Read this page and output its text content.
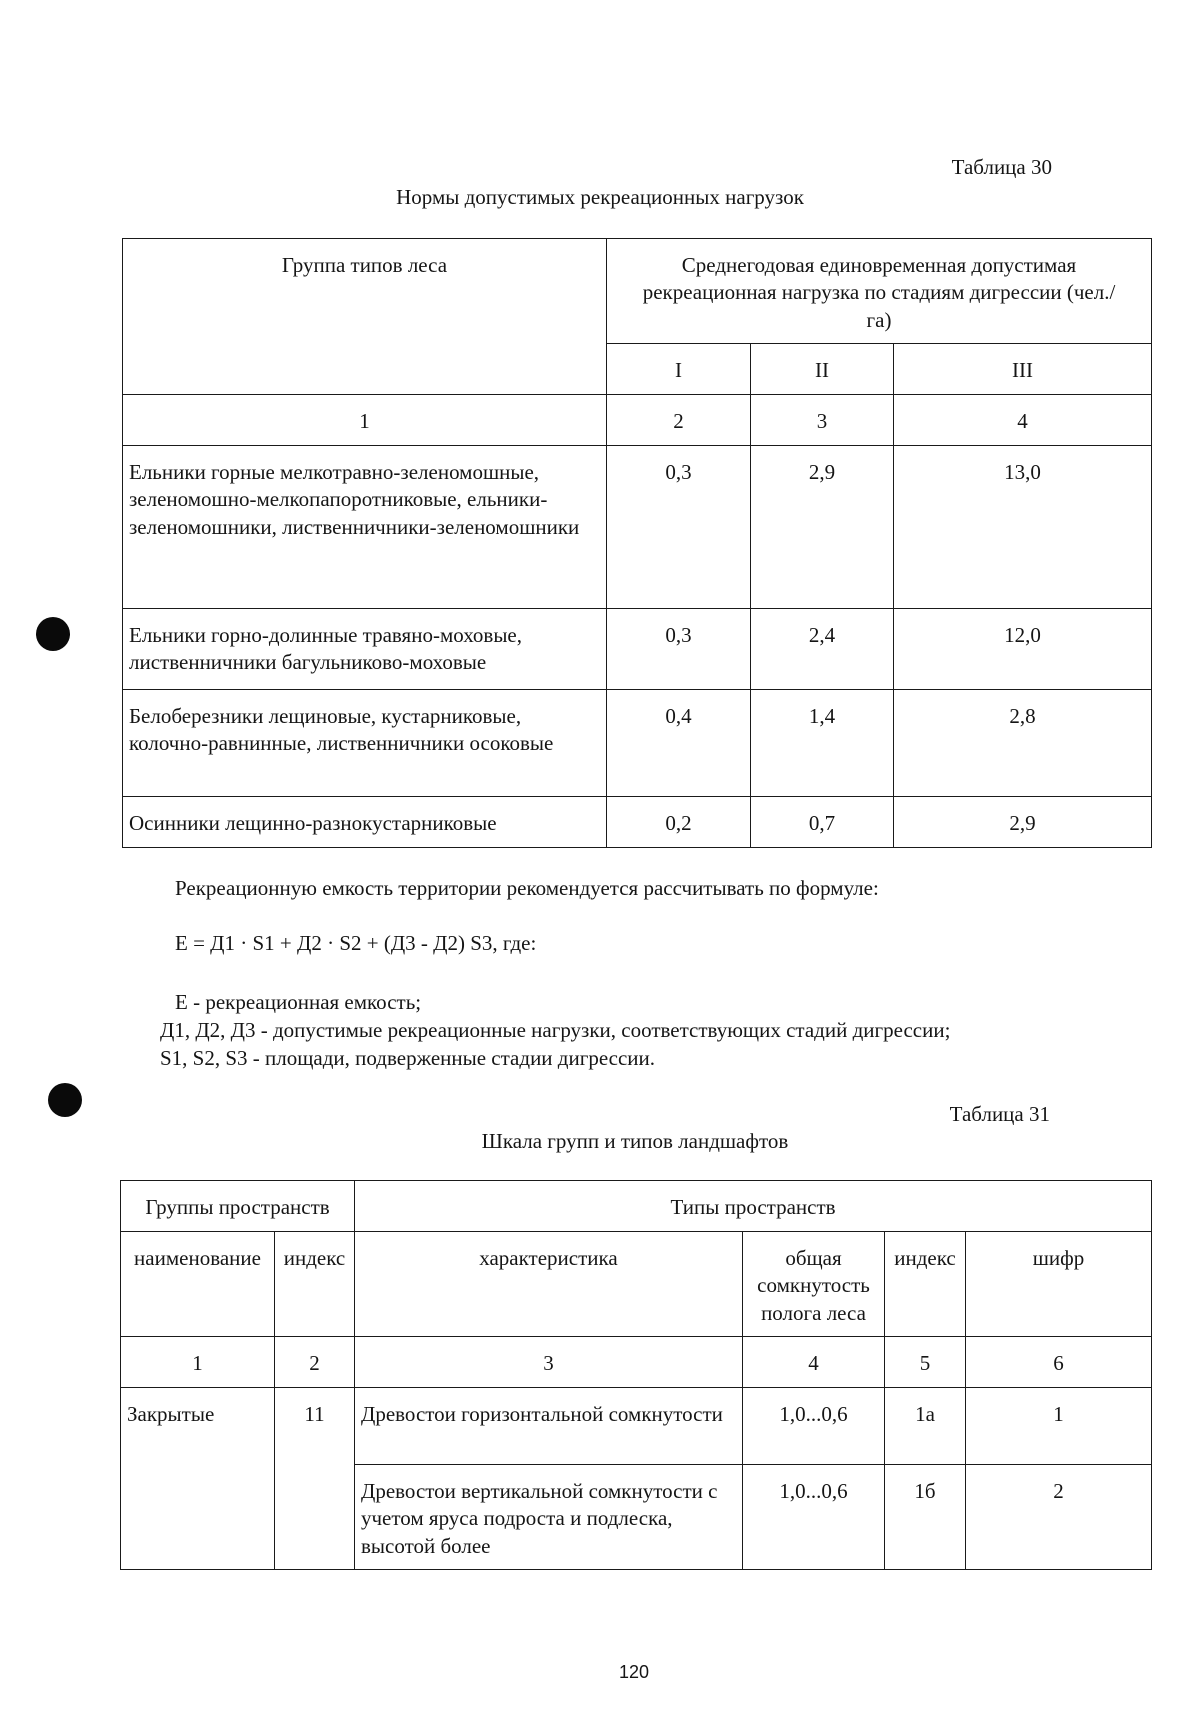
Таблица 30
Нормы допустимых рекреационных нагрузок
Группа типов леса	Среднегодовая единовременная допустимая рекреационная нагрузка по стадиям дигрессии (чел./га)		

	I	II	III

1	2	3	4

Ельники горные мелкотравно-зеленомошные, зеленомошно-мелкопапоротниковые, ельники-зеленомошники, лиственничники-зеленомошники	0,3	2,9	13,0

Ельники горно-долинные травяно-моховые, лиственничники багульниково-моховые	0,3	2,4	12,0

Белоберезники лещиновые, кустарниковые, колочно-равнинные, лиственничники осоковые	0,4	1,4	2,8

Осинники лещинно-разнокустарниковые	0,2	0,7	2,9
Рекреационную емкость территории рекомендуется рассчитывать по формуле:
Е = Д1 · S1 + Д2 · S2 + (Д3 - Д2) S3, где:
Е - рекреационная емкость;
Д1, Д2, Д3 - допустимые рекреационные нагрузки, соответствующих стадий дигрессии;
S1, S2, S3 - площади, подверженные стадии дигрессии.
Таблица 31
Шкала групп и типов ландшафтов
Группы пространств		Типы пространств			

наименование	индекс	характеристика	общая сомкнутость полога леса	индекс	шифр

1	2	3	4	5	6

Закрытые	11	Древостои горизонтальной сомкнутости	1,0...0,6	1а	1

		Древостои вертикальной сомкнутости с учетом яруса подроста и подлеска, высотой более	1,0...0,6	1б	2
120
